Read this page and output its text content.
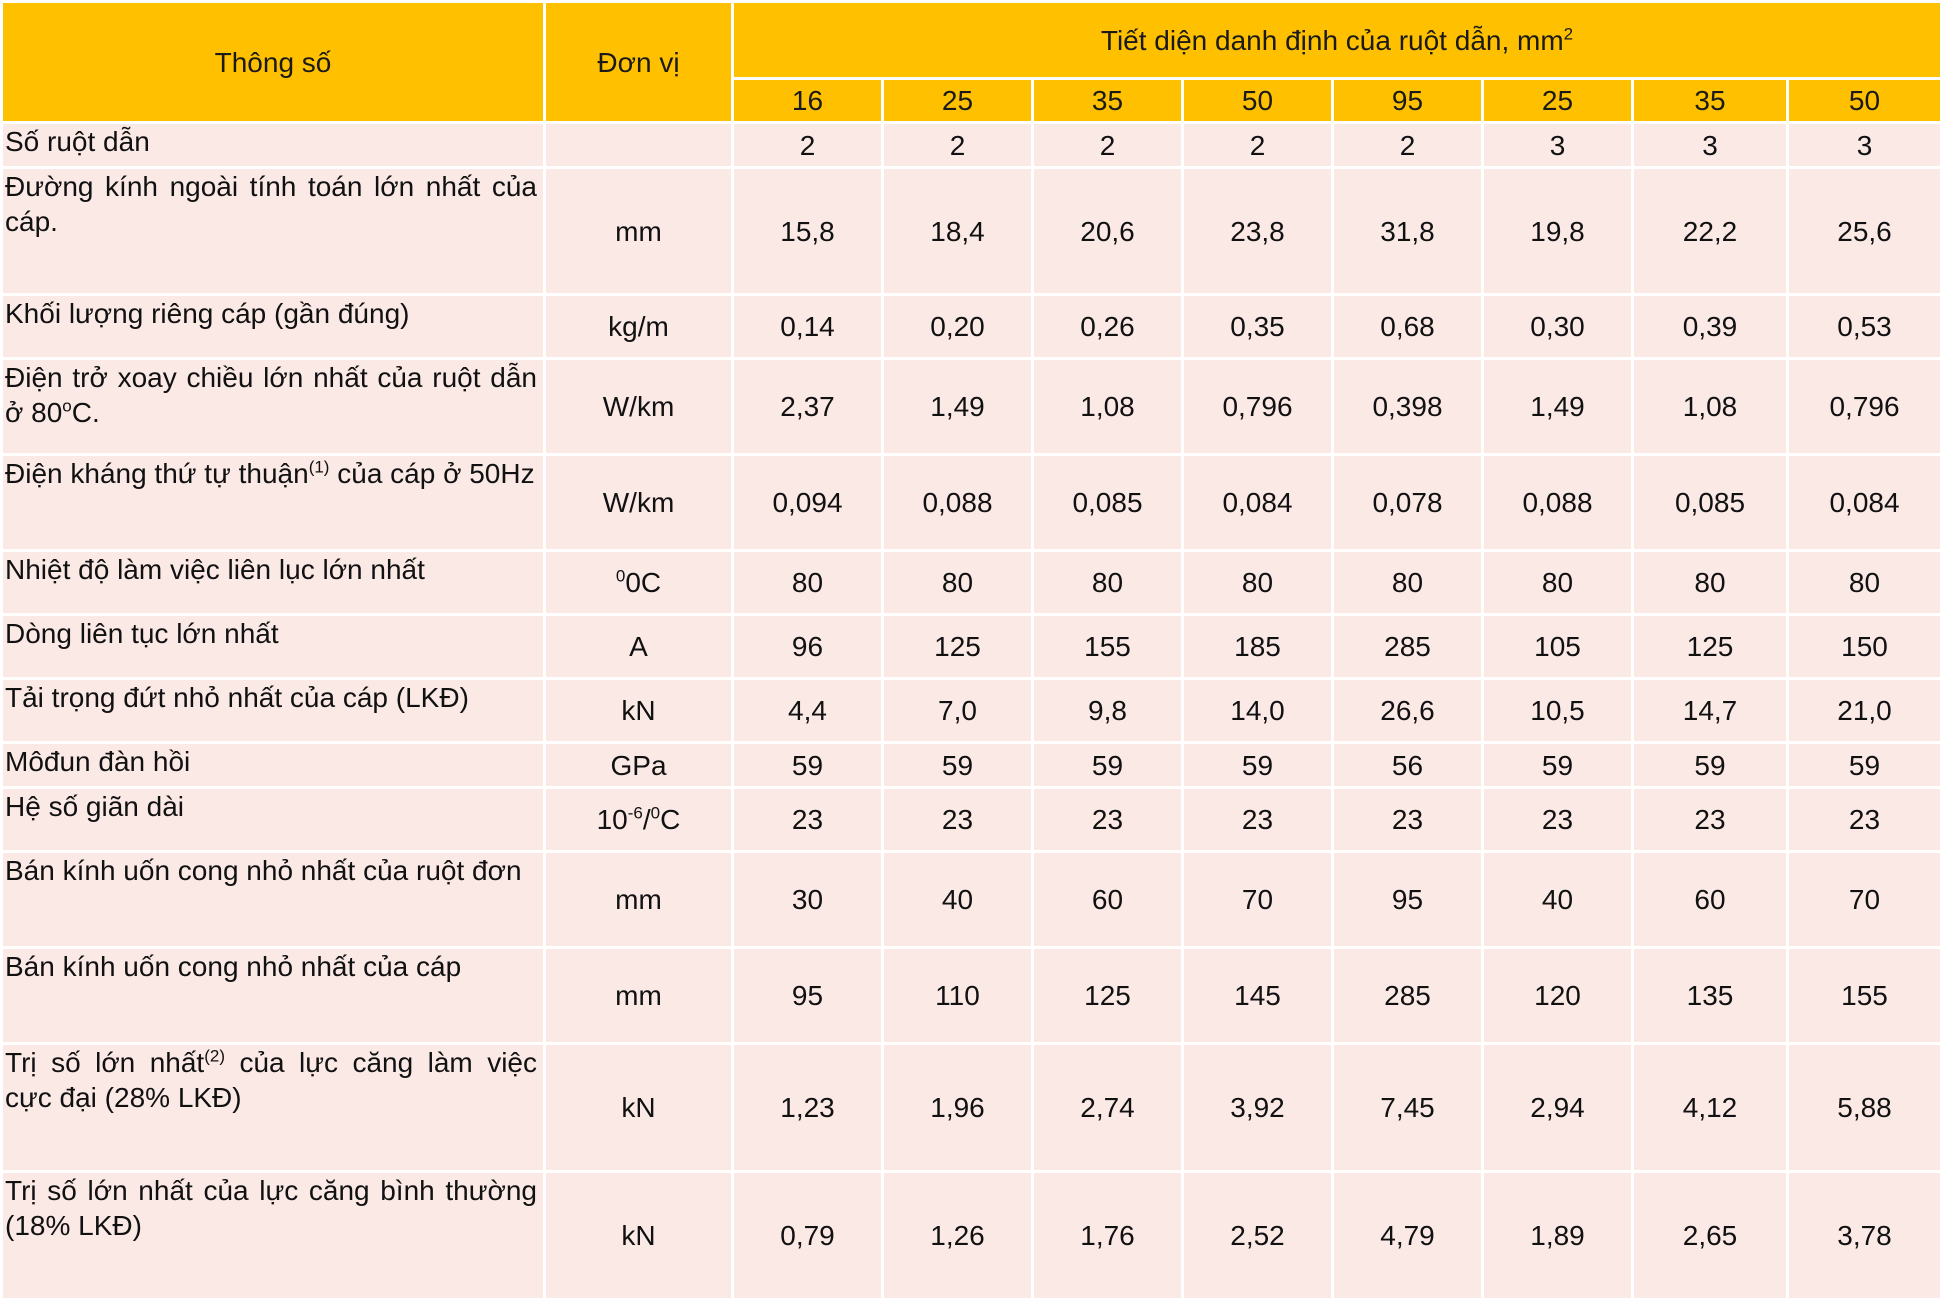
Thông số	Đơn vị	Tiết diện danh định của ruột dẫn, $mm^2$
		16	25	35	50	95	25	35	50
Số ruột dẫn		2	2	2	2	2	3	3	3
Đường kính ngoài tính toán lớn nhất của cáp.	mm	15,8	18,4	20,6	23,8	31,8	19,8	22,2	25,6
Khối lượng riêng cáp (gần đúng)	kg/m	0,14	0,20	0,26	0,35	0,68	0,30	0,39	0,53
Điện trở xoay chiều lớn nhất của ruột dẫn ở 80$^o$C.	W/km	2,37	1,49	1,08	0,796	0,398	1,49	1,08	0,796
Điện kháng thứ tự thuận$^{(1)}$ của cáp ở 50Hz	W/km	0,094	0,088	0,085	0,084	0,078	0,088	0,085	0,084
Nhiệt độ làm việc liên lục lớn nhất	$^0$0C	80	80	80	80	80	80	80	80
Dòng liên tục lớn nhất	A	96	125	155	185	285	105	125	150
Tải trọng đứt nhỏ nhất của cáp (LKĐ)	kN	4,4	7,0	9,8	14,0	26,6	10,5	14,7	21,0
Môđun đàn hồi	GPa	59	59	59	59	56	59	59	59
Hệ số giãn dài	$10^{-6}/^0C$	23	23	23	23	23	23	23	23
Bán kính uốn cong nhỏ nhất của ruột đơn	mm	30	40	60	70	95	40	60	70
Bán kính uốn cong nhỏ nhất của cáp	mm	95	110	125	145	285	120	135	155
Trị số lớn nhất$^{(2)}$ của lực căng làm việc cực đại (28% LKĐ)	kN	1,23	1,96	2,74	3,92	7,45	2,94	4,12	5,88
Trị số lớn nhất của lực căng bình thường (18% LKĐ)	kN	0,79	1,26	1,76	2,52	4,79	1,89	2,65	3,78
